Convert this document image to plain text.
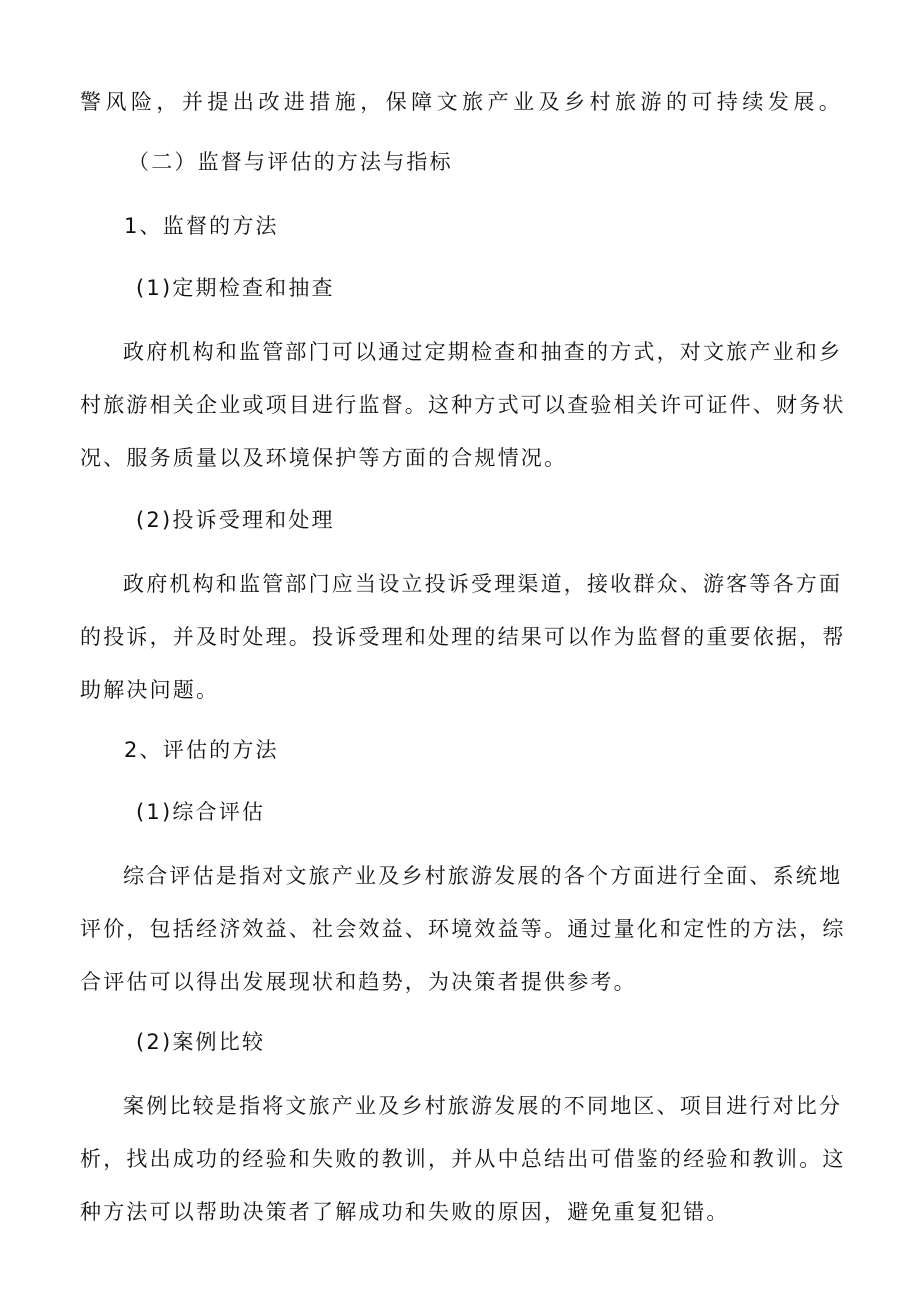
警风险，并提出改进措施，保障文旅产业及乡村旅游的可持续发展。
（二）监督与评估的方法与指标
1、监督的方法
(1)定期检查和抽查
政府机构和监管部门可以通过定期检查和抽查的方式，对文旅产业和乡
村旅游相关企业或项目进行监督。这种方式可以查验相关许可证件、财务状
况、服务质量以及环境保护等方面的合规情况。
(2)投诉受理和处理
政府机构和监管部门应当设立投诉受理渠道，接收群众、游客等各方面
的投诉，并及时处理。投诉受理和处理的结果可以作为监督的重要依据，帮
助解决问题。
2、评估的方法
(1)综合评估
综合评估是指对文旅产业及乡村旅游发展的各个方面进行全面、系统地
评价，包括经济效益、社会效益、环境效益等。通过量化和定性的方法，综
合评估可以得出发展现状和趋势，为决策者提供参考。
(2)案例比较
案例比较是指将文旅产业及乡村旅游发展的不同地区、项目进行对比分
析，找出成功的经验和失败的教训，并从中总结出可借鉴的经验和教训。这
种方法可以帮助决策者了解成功和失败的原因，避免重复犯错。
